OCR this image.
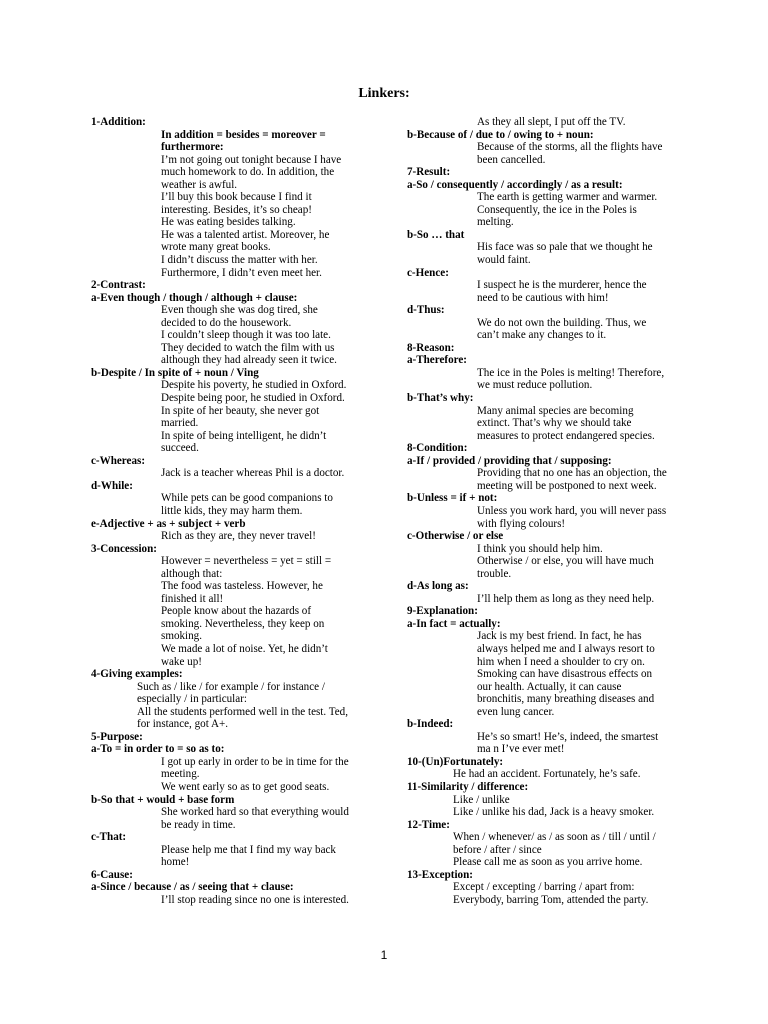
Linkers:
1-Addition:
In addition = besides = moreover =
furthermore:
I’m not going out tonight because I have
much homework to do. In addition, the
weather is awful.
I’ll buy this book because I find it
interesting. Besides, it’s so cheap!
He was eating besides talking.
He was a talented artist. Moreover, he
wrote many great books.
I didn’t discuss the matter with her.
Furthermore, I didn’t even meet her.
2-Contrast:
a-Even though / though / although + clause:
Even though she was dog tired, she
decided to do the housework.
I couldn’t sleep though it was too late.
They decided to watch the film with us
although they had already seen it twice.
b-Despite / In spite of + noun / Ving
Despite his poverty, he studied in Oxford.
Despite being poor, he studied in Oxford.
In spite of her beauty, she never got
married.
In spite of being intelligent, he didn’t
succeed.
c-Whereas:
Jack is a teacher whereas Phil is a doctor.
d-While:
While pets can be good companions to
little kids, they may harm them.
e-Adjective + as + subject + verb
Rich as they are, they never travel!
3-Concession:
However = nevertheless = yet = still =
although that:
The food was tasteless. However, he
finished it all!
People know about the hazards of
smoking. Nevertheless, they keep on
smoking.
We made a lot of noise. Yet, he didn’t
wake up!
4-Giving examples:
Such as / like / for example / for instance /
especially / in particular:
All the students performed well in the test. Ted,
for instance, got A+.
5-Purpose:
a-To = in order to = so as to:
I got up early in order to be in time for the
meeting.
We went early so as to get good seats.
b-So that + would + base form
She worked hard so that everything would
be ready in time.
c-That:
Please help me that I find my way back
home!
6-Cause:
a-Since / because / as / seeing that + clause:
I’ll stop reading since no one is interested.
As they all slept, I put off the TV.
b-Because of / due to / owing to + noun:
Because of the storms, all the flights have
been cancelled.
7-Result:
a-So / consequently / accordingly / as a result:
The earth is getting warmer and warmer.
Consequently, the ice in the Poles is
melting.
b-So … that
His face was so pale that we thought he
would faint.
c-Hence:
I suspect he is the murderer, hence the
need to be cautious with him!
d-Thus:
We do not own the building. Thus, we
can’t make any changes to it.
8-Reason:
a-Therefore:
The ice in the Poles is melting! Therefore,
we must reduce pollution.
b-That’s why:
Many animal species are becoming
extinct. That’s why we should take
measures to protect endangered species.
8-Condition:
a-If / provided / providing that / supposing:
Providing that no one has an objection, the
meeting will be postponed to next week.
b-Unless = if + not:
Unless you work hard, you will never pass
with flying colours!
c-Otherwise / or else
I think you should help him.
Otherwise / or else, you will have much
trouble.
d-As long as:
I’ll help them as long as they need help.
9-Explanation:
a-In fact = actually:
Jack is my best friend. In fact, he has
always helped me and I always resort to
him when I need a shoulder to cry on.
Smoking can have disastrous effects on
our health. Actually, it can cause
bronchitis, many breathing diseases and
even lung cancer.
b-Indeed:
He’s so smart! He’s, indeed, the smartest
ma n I’ve ever met!
10-(Un)Fortunately:
He had an accident. Fortunately, he’s safe.
11-Similarity / difference:
Like / unlike
Like / unlike his dad, Jack is a heavy smoker.
12-Time:
When / whenever/ as / as soon as / till / until /
before / after / since
Please call me as soon as you arrive home.
13-Exception:
Except / excepting / barring / apart from:
Everybody, barring Tom, attended the party.
1
